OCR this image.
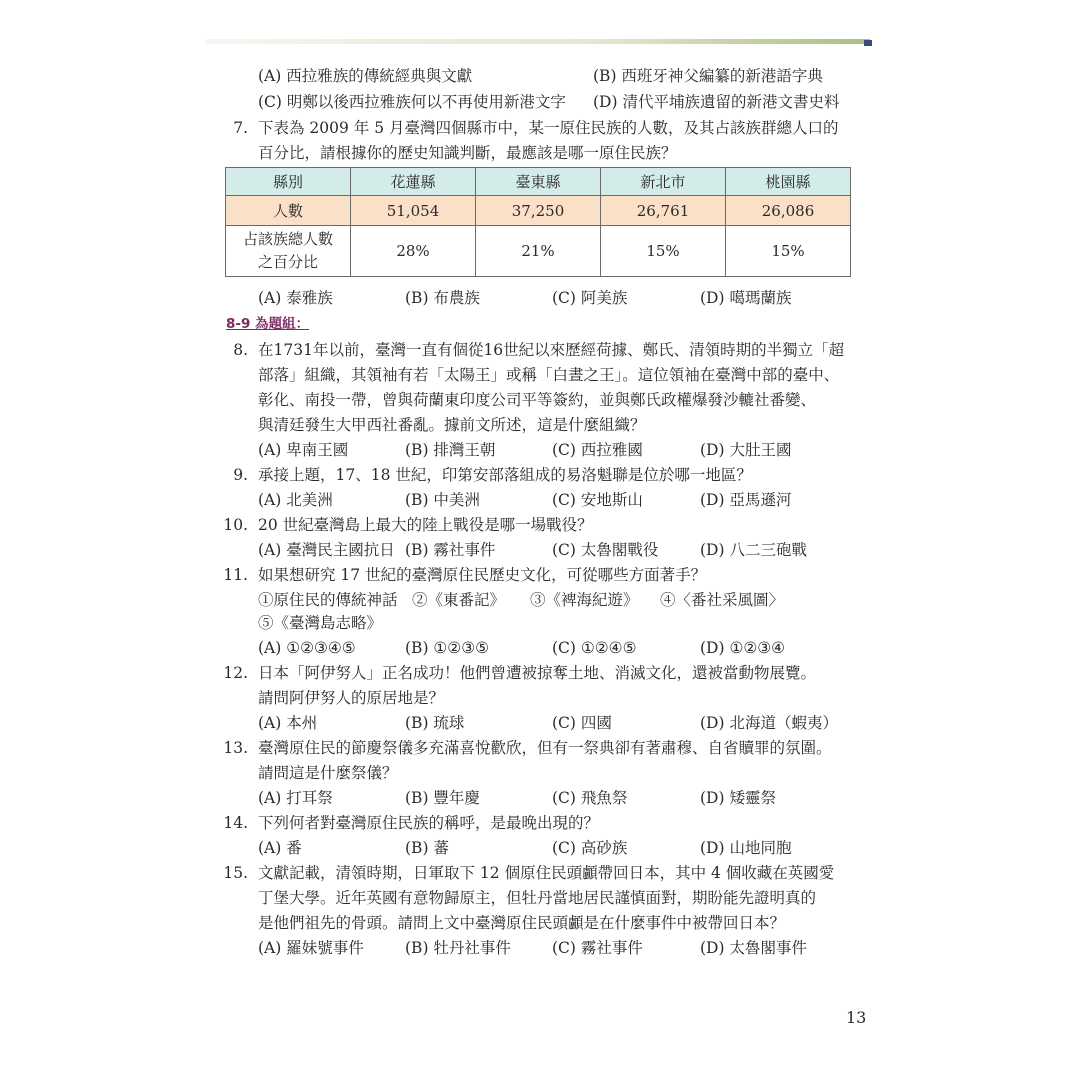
(A) 西拉雅族的傳統經典與文獻	(B) 西班牙神父編纂的新港語字典
(C) 明鄭以後西拉雅族何以不再使用新港文字 (D) 清代平埔族遺留的新港文書史料
7. 下表為 2009 年 5 月臺灣四個縣市中，某一原住民族的人數，及其占該族群總人口的
百分比，請根據你的歷史知識判斷，最應該是哪一原住民族？
縣別	花蓮縣	臺東縣	新北市	桃園縣
人數	51,054	37,250	26,761	26,086
占該族總人數
之百分比	28%	21%	15%	15%
(A) 泰雅族	(B) 布農族	(C) 阿美族	(D) 噶瑪蘭族
8-9 為題組：
8. 在1731年以前，臺灣一直有個從16世紀以來歷經荷據、鄭氏、清領時期的半獨立「超
部落」組織，其領袖有若「太陽王」或稱「白晝之王」。這位領袖在臺灣中部的臺中、
彰化、南投一帶，曾與荷蘭東印度公司平等簽約，並與鄭氏政權爆發沙轆社番變、
與清廷發生大甲西社番亂。據前文所述，這是什麼組織？
(A) 卑南王國	(B) 排灣王朝	(C) 西拉雅國	(D) 大肚王國
9. 承接上題，17、18 世紀，印第安部落組成的易洛魁聯是位於哪一地區？
(A) 北美洲	(B) 中美洲	(C) 安地斯山	(D) 亞馬遜河
10. 20 世紀臺灣島上最大的陸上戰役是哪一場戰役？
(A) 臺灣民主國抗日 (B) 霧社事件	(C) 太魯閣戰役	(D) 八二三砲戰
11. 如果想研究 17 世紀的臺灣原住民歷史文化，可從哪些方面著手？
①原住民的傳統神話 ②《東番記》 ③《裨海紀遊》 ④〈番社采風圖〉
⑤《臺灣島志略》
(A) ①②③④⑤	(B) ①②③⑤	(C) ①②④⑤	(D) ①②③④
12. 日本「阿伊努人」正名成功！他們曾遭被掠奪土地、消滅文化，還被當動物展覽。
請問阿伊努人的原居地是？
(A) 本州	(B) 琉球	(C) 四國	(D) 北海道（蝦夷）
13. 臺灣原住民的節慶祭儀多充滿喜悅歡欣，但有一祭典卻有著肅穆、自省贖罪的氛圍。
請問這是什麼祭儀？
(A) 打耳祭	(B) 豐年慶	(C) 飛魚祭	(D) 矮靈祭
14. 下列何者對臺灣原住民族的稱呼，是最晚出現的？
(A) 番	(B) 蕃	(C) 高砂族	(D) 山地同胞
15. 文獻記載，清領時期，日軍取下 12 個原住民頭顱帶回日本，其中 4 個收藏在英國愛
丁堡大學。近年英國有意物歸原主，但牡丹當地居民謹慎面對，期盼能先證明真的
是他們祖先的骨頭。請問上文中臺灣原住民頭顱是在什麼事件中被帶回日本？
(A) 羅妹號事件	(B) 牡丹社事件	(C) 霧社事件	(D) 太魯閣事件
13
